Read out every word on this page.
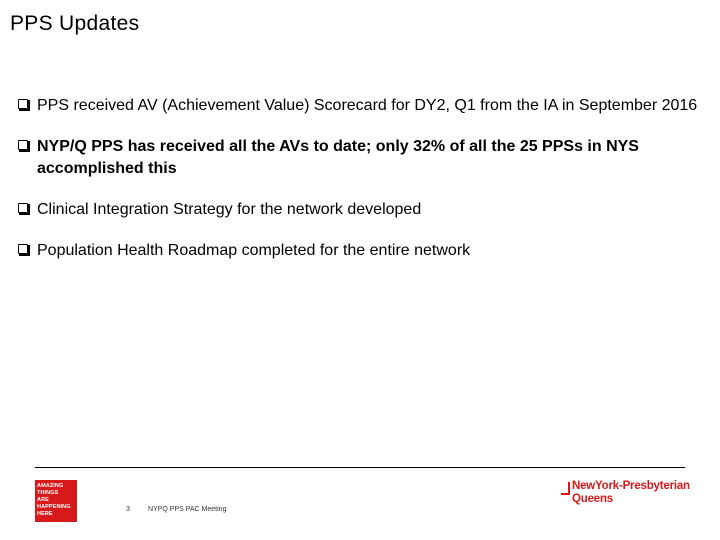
PPS Updates
PPS received AV (Achievement Value) Scorecard for DY2, Q1 from the IA in September 2016
NYP/Q PPS has received all the AVs to date; only 32% of all the 25 PPSs in NYS accomplished this
Clinical Integration Strategy for the network developed
Population Health Roadmap completed for the entire network
AMAZING
THINGS
ARE
HAPPENING
HERE
3	NYPQ PPS PAC Meeting
NewYork-Presbyterian
Queens
